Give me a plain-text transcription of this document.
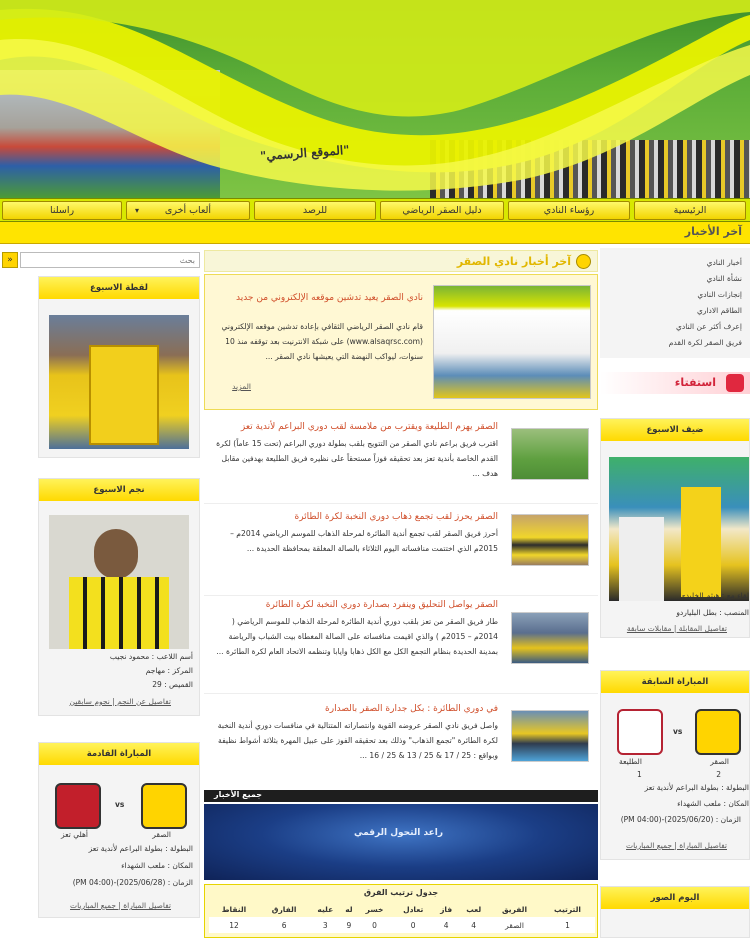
"الموقع الرسمي"
الرئيسية
رؤساء النادي
دليل الصقر الرياضي
للرصد
ألعاب أخرى
▾
راسلنا
آخر الأخبار
»
بحث
لقطة الاسبوع
نجم الاسبوع
أسم اللاعب : محمود نجيب
المركز : مهاجم
القميص : 29
تفاصيل عن النجم | نجوم سابقين
المباراة القادمة
vs
الصقر
أهلي تعز
البطولة : بطولة البراعم لأندية تعز
المكان : ملعب الشهداء
الزمان : (2025/06/28)-(04:00 PM)
تفاصيل المباراة | جميع المباريات
آخر أخبار نادي الصقر
نادي الصقر يعيد تدشين موقعه الإلكتروني من جديد
قام نادي الصقر الرياضي الثقافي بإعادة تدشين موقعه الإلكتروني (www.alsaqrsc.com) على شبكة الانترنيت بعد توقفه منذ 10 سنوات، ليواكب النهضة التي يعيشها نادي الصقر ...
المزيد
الصقر يهزم الطليعة ويقترب من ملامسة لقب دوري البراعم لأندية تعز
اقترب فريق براعم نادي الصقر من التتويج بلقب بطولة دوري البراعم (تحت 15 عاماً) لكرة القدم الخاصة بأندية تعز بعد تحقيقه فوزاً مستحقاً على نظيره فريق الطليعة بهدفين مقابل هدف ...
الصقر يحرز لقب تجمع ذهاب دوري النخبة لكرة الطائرة
أحرز فريق الصقر لقب تجمع أندية الطائرة لمرحلة الذهاب للموسم الرياضي 2014م – 2015م الذي اختتمت منافساته اليوم الثلاثاء بالصالة المغلقة بمحافظة الحديدة ...
الصقر يواصل التحليق وينفرد بصدارة دوري النخبة لكرة الطائرة
طار فريق الصقر من تعز بلقب دوري أندية الطائرة لمرحلة الذهاب للموسم الرياضي ( 2014م – 2015م ) والذي اقيمت منافساته على الصالة المغطاة بيت الشباب والرياضة بمدينة الحديدة بنظام التجمع الكل مع الكل ذهابا وايابا وتنظمه الاتحاد العام لكرة الطائرة ...
في دوري الطائرة : بكل جدارة الصقر بالصدارة
واصل فريق نادي الصقر عروضه القوية وانتصاراته المتتالية في منافسات دوري أندية النخبة لكرة الطائرة "تجمع الذهاب" وذلك بعد تحقيقه الفوز على عبيل المهرة بثلاثة أشواط نظيفة وبواقع : 25 / 17 & 25 / 13 & 25 / 16 ...
جميع الأخبار
راعد التحول الرقمي
جدول ترتيب الفرق
الترتيب	الفريق	لعب	فاز	تعادل	خسر	له	عليه	الفارق	النقاط
1	الصقر	4	4	0	0	9	3	6	12
أخبار النادي
نشأة النادي
إنجازات النادي
الطاقم الاداري
إعرف أكثر عن النادي
فريق الصقر لكرة القدم
استفتاء
ضيف الاسبوع
لقاء مع : هيثم الخليدي
المنصب : بطل البلياردو
تفاصيل المقابلة | مقابلات سابقة
المباراة السابقة
vs
الصقر
الطليعة
2
1
البطولة : بطولة البراعم لأندية تعز
المكان : ملعب الشهداء
الزمان : (2025/06/20)-(04:00 PM)
تفاصيل المباراة | جميع المباريات
البوم الصور
